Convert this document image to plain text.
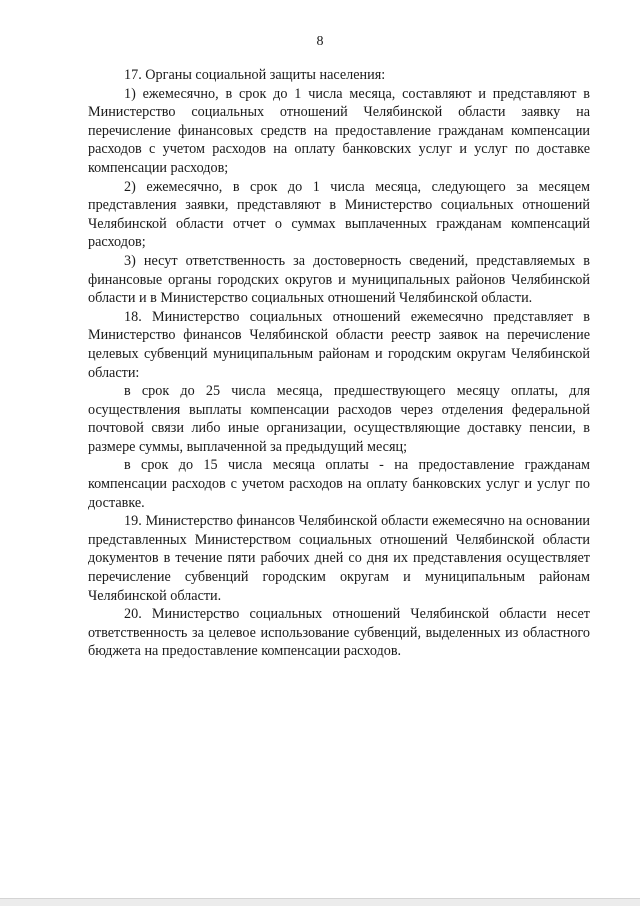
8

17. Органы социальной защиты населения:

1) ежемесячно, в срок до 1 числа месяца, составляют и представляют в Министерство социальных отношений Челябинской области заявку на перечисление финансовых средств на предоставление гражданам компенсации расходов с учетом расходов на оплату банковских услуг и услуг по доставке компенсации расходов;

2) ежемесячно, в срок до 1 числа месяца, следующего за месяцем представления заявки, представляют в Министерство социальных отношений Челябинской области отчет о суммах выплаченных гражданам компенсаций расходов;

3) несут ответственность за достоверность сведений, представляемых в финансовые органы городских округов и муниципальных районов Челябинской области и в Министерство социальных отношений Челябинской области.

18. Министерство социальных отношений ежемесячно представляет в Министерство финансов Челябинской области реестр заявок на перечисление целевых субвенций муниципальным районам и городским округам Челябинской области:

в срок до 25 числа месяца, предшествующего месяцу оплаты, для осуществления выплаты компенсации расходов через отделения федеральной почтовой связи либо иные организации, осуществляющие доставку пенсии, в размере суммы, выплаченной за предыдущий месяц;

в срок до 15 числа месяца оплаты - на предоставление гражданам компенсации расходов с учетом расходов на оплату банковских услуг и услуг по доставке.

19. Министерство финансов Челябинской области ежемесячно на основании представленных Министерством социальных отношений Челябинской области документов в течение пяти рабочих дней со дня их представления осуществляет перечисление субвенций городским округам и муниципальным районам Челябинской области.

20. Министерство социальных отношений Челябинской области несет ответственность за целевое использование субвенций, выделенных из областного бюджета на предоставление компенсации расходов.
